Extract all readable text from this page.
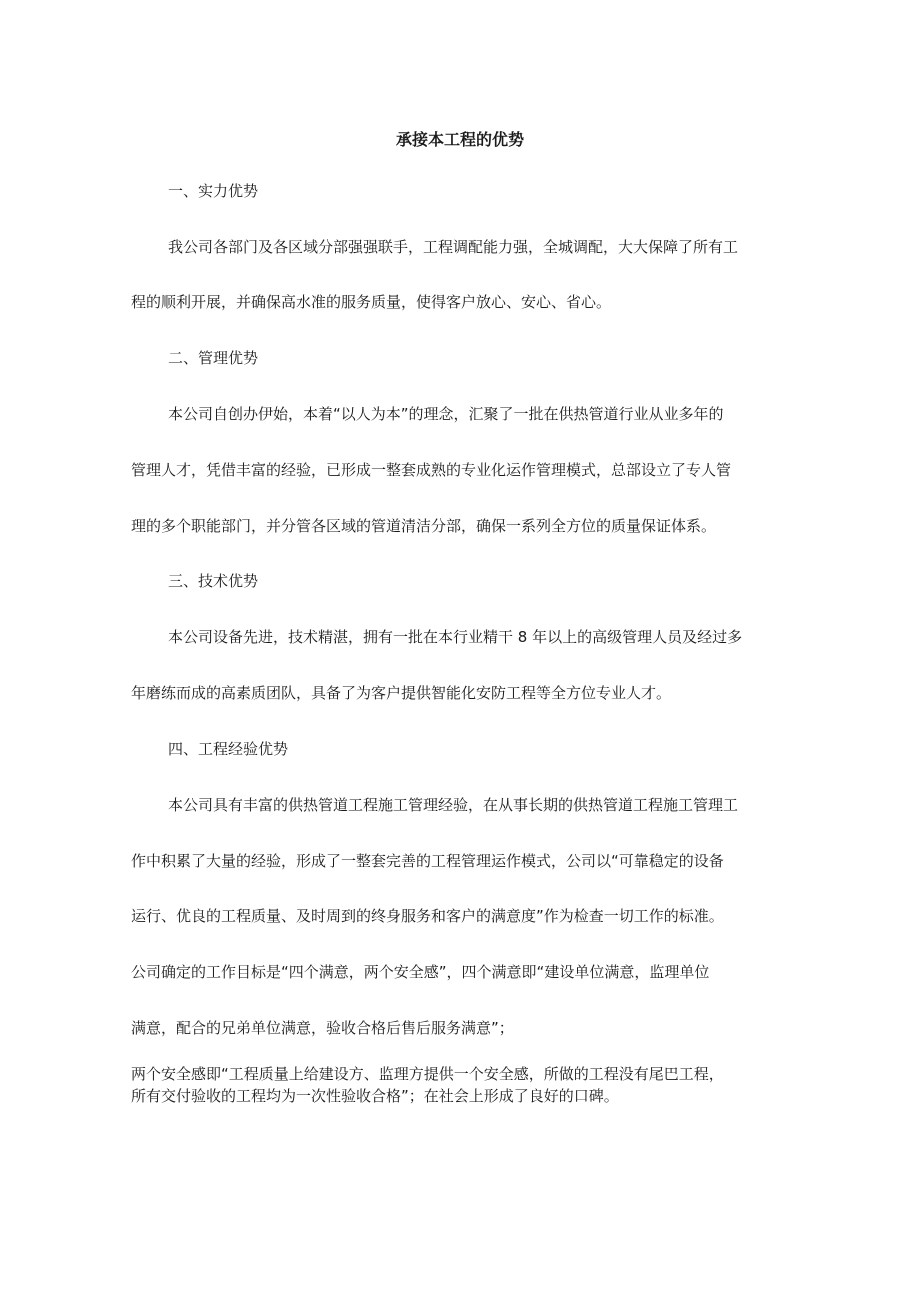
承接本工程的优势
一、实力优势
我公司各部门及各区域分部强强联手，工程调配能力强，全城调配，大大保障了所有工
程的顺利开展，并确保高水准的服务质量，使得客户放心、安心、省心。
二、管理优势
本公司自创办伊始，本着“以人为本”的理念，汇聚了一批在供热管道行业从业多年的
管理人才，凭借丰富的经验，已形成一整套成熟的专业化运作管理模式，总部设立了专人管
理的多个职能部门，并分管各区域的管道清洁分部，确保一系列全方位的质量保证体系。
三、技术优势
本公司设备先进，技术精湛，拥有一批在本行业精干 8 年以上的高级管理人员及经过多
年磨练而成的高素质团队，具备了为客户提供智能化安防工程等全方位专业人才。
四、工程经验优势
本公司具有丰富的供热管道工程施工管理经验，在从事长期的供热管道工程施工管理工
作中积累了大量的经验，形成了一整套完善的工程管理运作模式，公司以“可靠稳定的设备
运行、优良的工程质量、及时周到的终身服务和客户的满意度”作为检查一切工作的标准。
公司确定的工作目标是“四个满意，两个安全感”，四个满意即“建设单位满意，监理单位
满意，配合的兄弟单位满意，验收合格后售后服务满意”；
两个安全感即“工程质量上给建设方、监理方提供一个安全感，所做的工程没有尾巴工程，
所有交付验收的工程均为一次性验收合格”；在社会上形成了良好的口碑。
